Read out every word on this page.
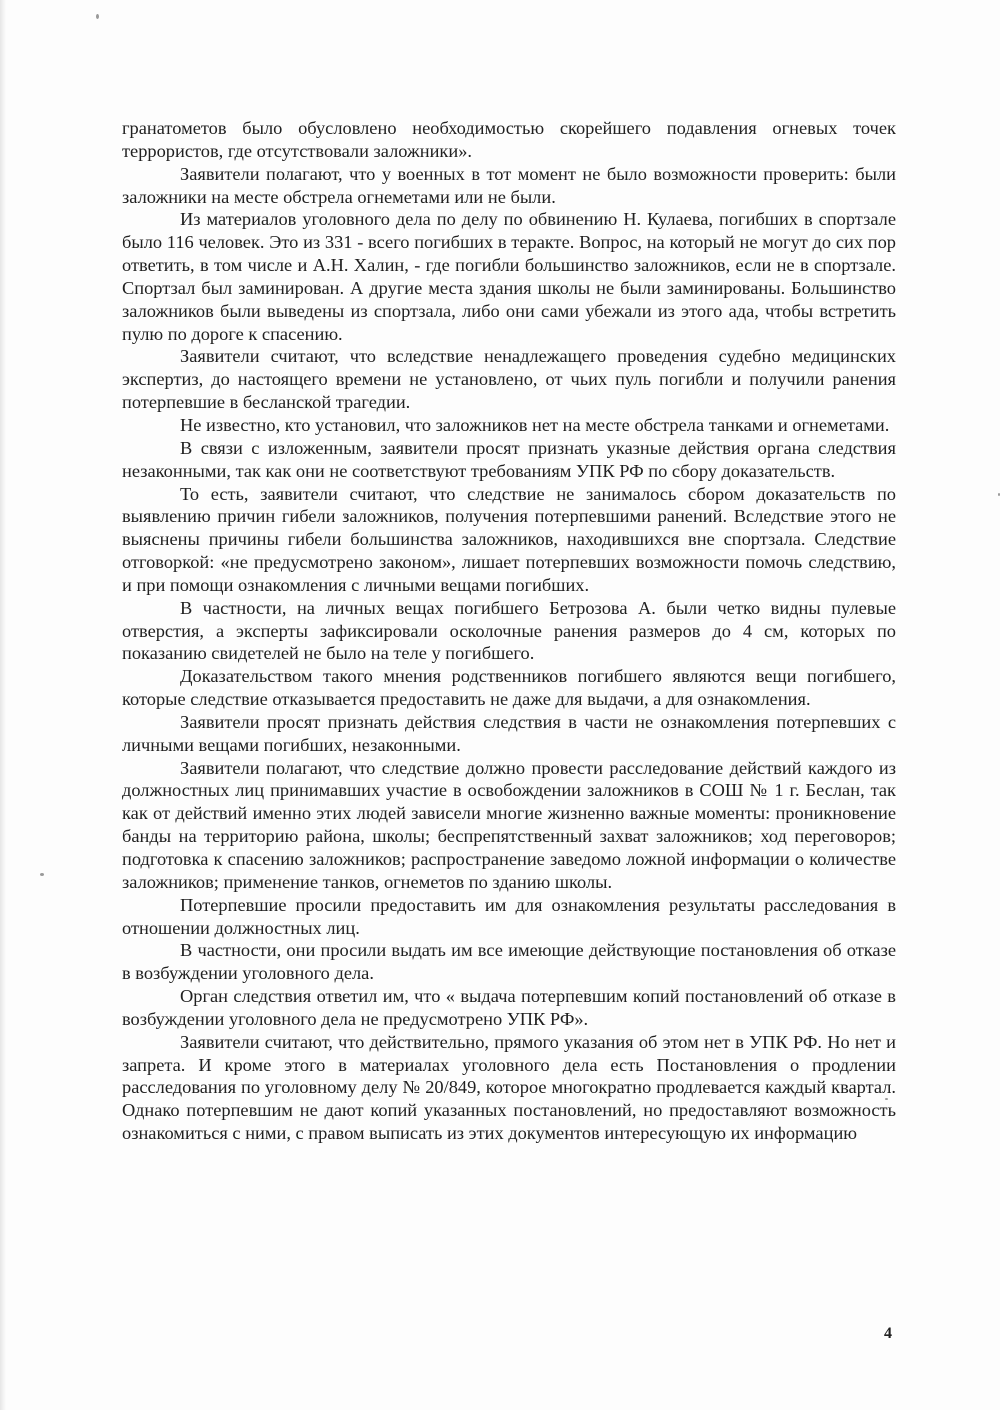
гранатометов было обусловлено необходимостью скорейшего подавления огневых точек террористов, где отсутствовали заложники».

Заявители полагают, что у военных в тот момент не было возможности проверить: были заложники на месте обстрела огнеметами или не были.

Из материалов уголовного дела по делу по обвинению Н. Кулаева, погибших в спортзале было 116 человек. Это из 331 - всего погибших в теракте. Вопрос, на который не могут до сих пор ответить, в том числе и А.Н. Халин, - где погибли большинство заложников, если не в спортзале. Спортзал был заминирован. А другие места здания школы не были заминированы. Большинство заложников были выведены из спортзала, либо они сами убежали из этого ада, чтобы встретить пулю по дороге к спасению.

Заявители считают, что вследствие ненадлежащего проведения судебно медицинских экспертиз, до настоящего времени не установлено, от чьих пуль погибли и получили ранения потерпевшие в бесланской трагедии.

Не известно, кто установил, что заложников нет на месте обстрела танками и огнеметами.

В связи с изложенным, заявители просят признать указные действия органа следствия незаконными, так как они не соответствуют требованиям УПК РФ по сбору доказательств.

То есть, заявители считают, что следствие не занималось сбором доказательств по выявлению причин гибели заложников, получения потерпевшими ранений. Вследствие этого не выяснены причины гибели большинства заложников, находившихся вне спортзала. Следствие отговоркой: «не предусмотрено законом», лишает потерпевших возможности помочь следствию, и при помощи ознакомления с личными вещами погибших.

В частности, на личных вещах погибшего Бетрозова А. были четко видны пулевые отверстия, а эксперты зафиксировали осколочные ранения размеров до 4 см, которых по показанию свидетелей не было на теле у погибшего.

Доказательством такого мнения родственников погибшего являются вещи погибшего, которые следствие отказывается предоставить не даже для выдачи, а для ознакомления.

Заявители просят признать действия следствия в части не ознакомления потерпевших с личными вещами погибших, незаконными.

Заявители полагают, что следствие должно провести расследование действий каждого из должностных лиц принимавших участие в освобождении заложников в СОШ № 1 г. Беслан, так как от действий именно этих людей зависели многие жизненно важные моменты: проникновение банды на территорию района, школы; беспрепятственный захват заложников; ход переговоров; подготовка к спасению заложников; распространение заведомо ложной информации о количестве заложников; применение танков, огнеметов по зданию школы.

Потерпевшие просили предоставить им для ознакомления результаты расследования в отношении должностных лиц.

В частности, они просили выдать им все имеющие действующие постановления об отказе в возбуждении уголовного дела.

Орган следствия ответил им, что « выдача потерпевшим копий постановлений об отказе в возбуждении уголовного дела не предусмотрено УПК РФ».

Заявители считают, что действительно, прямого указания об этом нет в УПК РФ. Но нет и запрета. И кроме этого в материалах уголовного дела есть Постановления о продлении расследования по уголовному делу № 20/849, которое многократно продлевается каждый квартал. Однако потерпевшим не дают копий указанных постановлений, но предоставляют возможность ознакомиться с ними, с правом выписать из этих документов интересующую их информацию

4
